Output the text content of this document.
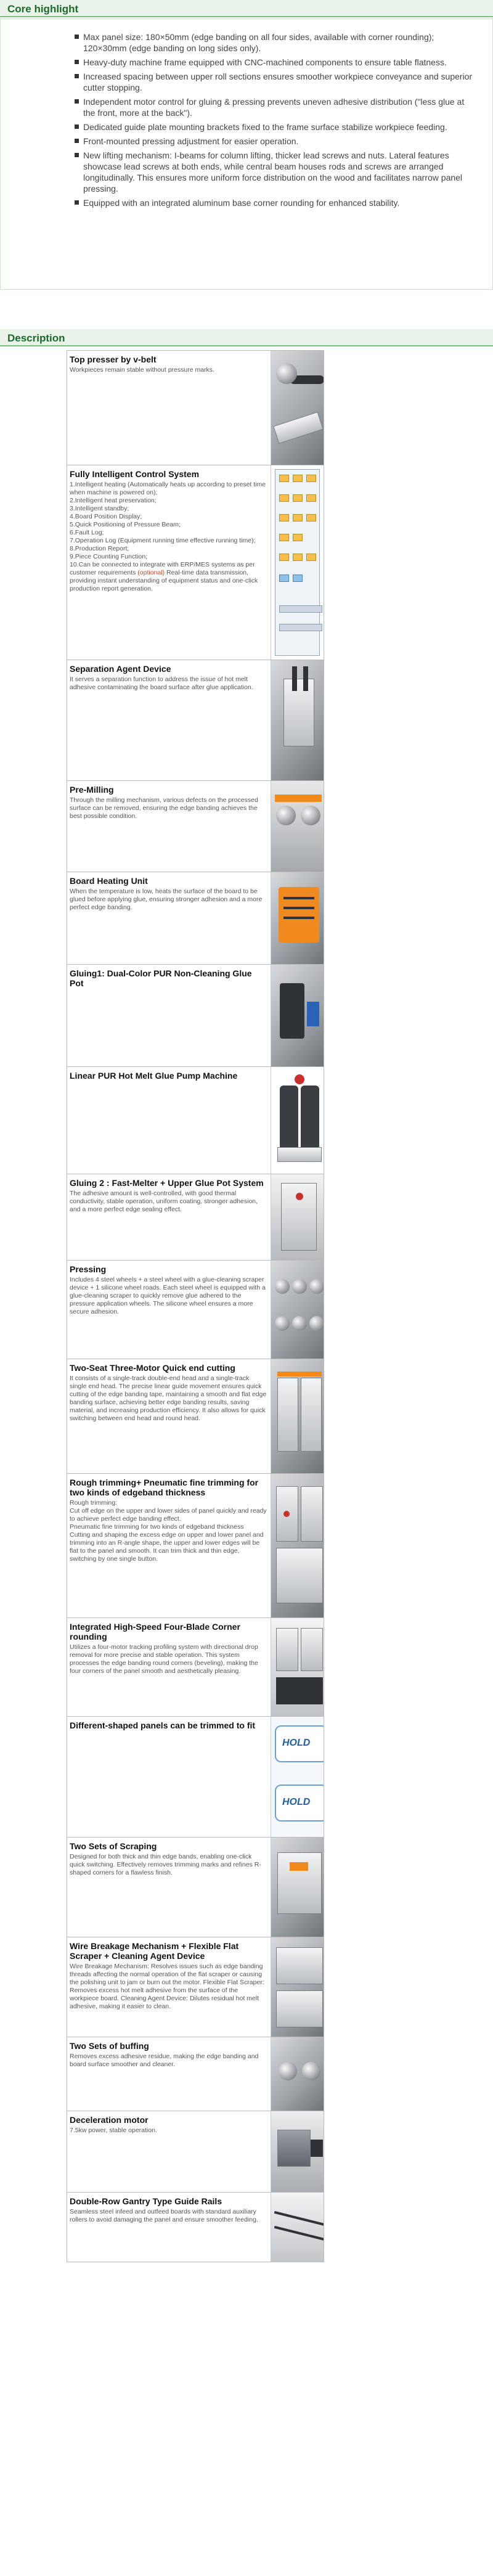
Core highlight
Max panel size: 180×50mm (edge banding on all four sides, available with corner rounding); 120×30mm (edge banding on long sides only).
Heavy-duty machine frame equipped with CNC-machined components to ensure table flatness.
Increased spacing between upper roll sections ensures smoother workpiece conveyance and superior cutter stopping.
Independent motor control for gluing & pressing prevents uneven adhesive distribution ("less glue at the front, more at the back").
Dedicated guide plate mounting brackets fixed to the frame surface stabilize workpiece feeding.
Front-mounted pressing adjustment for easier operation.
New lifting mechanism: I-beams for column lifting, thicker lead screws and nuts. Lateral features showcase lead screws at both ends, while central beam houses rods and screws are arranged longitudinally. This ensures more uniform force distribution on the wood and facilitates narrow panel pressing.
Equipped with an integrated aluminum base corner rounding for enhanced stability.
Description
Top presser by v-belt
Workpieces remain stable without pressure marks.
Fully Intelligent Control System
1.Intelligent heating (Automatically heats up according to preset time when machine is powered on);
2.Intelligent heat preservation;
3.Intelligent standby;
4.Board Position Display;
5.Quick Positioning of Pressure Beam;
6.Fault Log;
7.Operation Log (Equipment running time effective running time);
8.Production Report;
9.Piece Counting Function;
10.Can be connected to integrate with ERP/MES systems as per customer requirements (optional) Real-time data transmission, providing instant understanding of equipment status and one-click production report generation.
Separation Agent Device
It serves a separation function to address the issue of hot melt adhesive contaminating the board surface after glue application.
Pre-Milling
Through the milling mechanism, various defects on the processed surface can be removed, ensuring the edge banding achieves the best possible condition.
Board Heating Unit
When the temperature is low, heats the surface of the board to be glued before applying glue, ensuring stronger adhesion and a more perfect edge banding.
Gluing1: Dual-Color PUR Non-Cleaning Glue Pot
Linear PUR Hot Melt Glue Pump Machine
Gluing 2 : Fast-Melter + Upper Glue Pot System
The adhesive amount is well-controlled, with good thermal conductivity, stable operation, uniform coating, stronger adhesion, and a more perfect edge sealing effect.
Pressing
Includes 4 steel wheels + a steel wheel with a glue-cleaning scraper device + 1 silicone wheel roads. Each steel wheel is equipped with a glue-cleaning scraper to quickly remove glue adhered to the pressure application wheels. The silicone wheel ensures a more secure adhesion.
Two-Seat Three-Motor Quick end cutting
It consists of a single-track double-end head and a single-track single end head. The precise linear guide movement ensures quick cutting of the edge banding tape, maintaining a smooth and flat edge banding surface, achieving better edge banding results, saving material, and increasing production efficiency. It also allows for quick switching between end head and round head.
Rough trimming+ Pneumatic fine trimming for two kinds of edgeband thickness
Rough trimming:
Cut off edge on the upper and lower sides of panel quickly and ready to achieve perfect edge banding effect.
Pneumatic fine trimming for two kinds of edgeband thickness
Cutting and shaping the excess edge on upper and lower panel and trimming into an R-angle shape, the upper and lower edges will be flat to the panel and smooth. It can trim thick and thin edge, switching by one single button.
Integrated High-Speed Four-Blade Corner rounding
Utilizes a four-motor tracking profiling system with directional drop removal for more precise and stable operation. This system processes the edge banding round corners (beveling), making the four corners of the panel smooth and aesthetically pleasing.
Different-shaped panels can be trimmed to fit
HOLD
HOLD
Two Sets of Scraping
Designed for both thick and thin edge bands, enabling one-click quick switching. Effectively removes trimming marks and refines R-shaped corners for a flawless finish.
Wire Breakage Mechanism + Flexible Flat Scraper + Cleaning Agent Device
Wire Breakage Mechanism: Resolves issues such as edge banding threads affecting the normal operation of the flat scraper or causing the polishing unit to jam or burn out the motor. Flexible Flat Scraper: Removes excess hot melt adhesive from the surface of the workpiece board. Cleaning Agent Device: Dilutes residual hot melt adhesive, making it easier to clean.
Two Sets of buffing
Removes excess adhesive residue, making the edge banding and board surface smoother and cleaner.
Deceleration motor
7.5kw power, stable operation.
Double-Row Gantry Type Guide Rails
Seamless steel infeed and outfeed boards with standard auxiliary rollers to avoid damaging the panel and ensure smoother feeding.
